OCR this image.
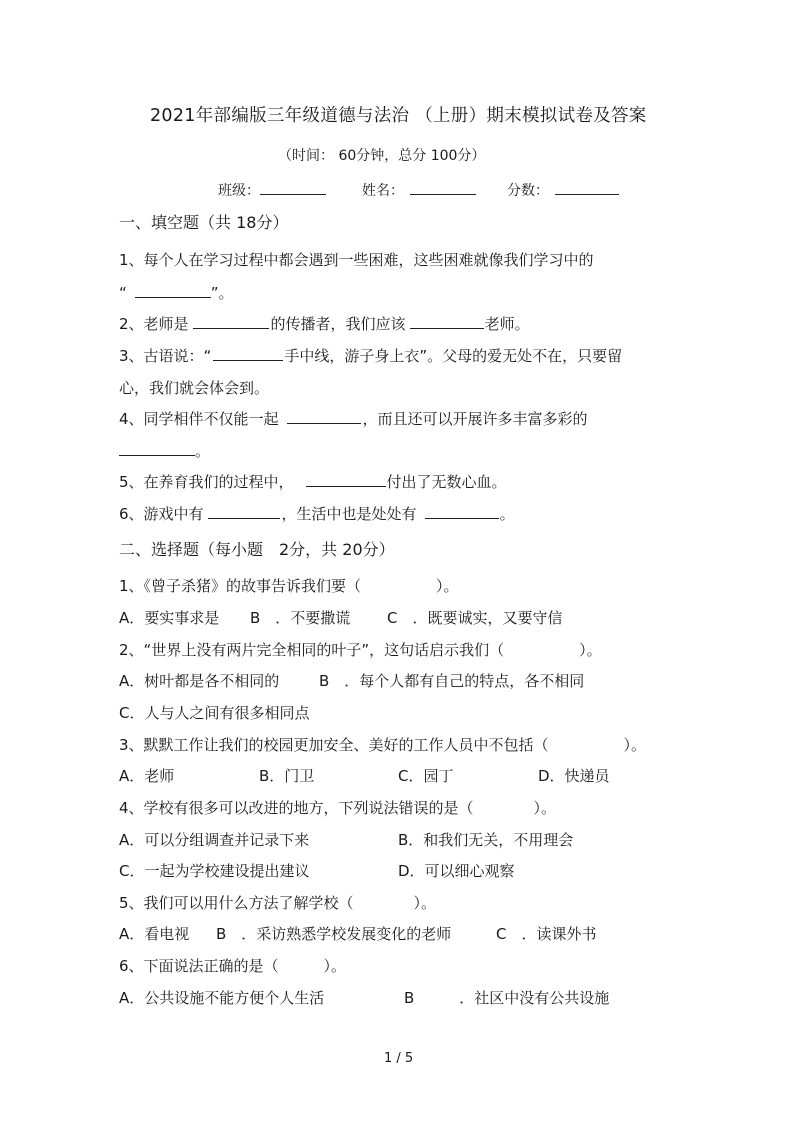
2021年部编版三年级道德与法治 （上册）期末模拟试卷及答案
（时间： 60分钟，总分 100分）
班级：	姓名：	分数：
一、填空题（共 18分）
1、每个人在学习过程中都会遇到一些困难，这些困难就像我们学习中的
“	”。
2、老师是	的传播者，我们应该	老师。
3、古语说：“	手中线，游子身上衣”。父母的爱无处不在，只要留
心，我们就会体会到。
4、同学相伴不仅能一起	，而且还可以开展许多丰富多彩的
。
5、在养育我们的过程中，	付出了无数心血。
6、游戏中有	，生活中也是处处有	。
二、选择题（每小题　2分，共 20分）
1、《曾子杀猪》的故事告诉我们要（　　　　　）。
A．要实事求是 B　．不要撒谎 C　．既要诚实，又要守信
2、“世界上没有两片完全相同的叶子”，这句话启示我们（　　　　　）。
A．树叶都是各不相同的	B　．每个人都有自己的特点，各不相同
C．人与人之间有很多相同点
3、默默工作让我们的校园更加安全、美好的工作人员中不包括（　　　　　）。
A．老师	B．门卫	C．园丁	D．快递员
4、学校有很多可以改进的地方，下列说法错误的是（　　　　）。
A．可以分组调查并记录下来	B．和我们无关，不用理会
C．一起为学校建设提出建议	D．可以细心观察
5、我们可以用什么方法了解学校（　　　　）。
A．看电视 B　．采访熟悉学校发展变化的老师	C　．读课外书
6、下面说法正确的是（　　　）。
A．公共设施不能方便个人生活	B　　　．社区中没有公共设施
1 / 5
